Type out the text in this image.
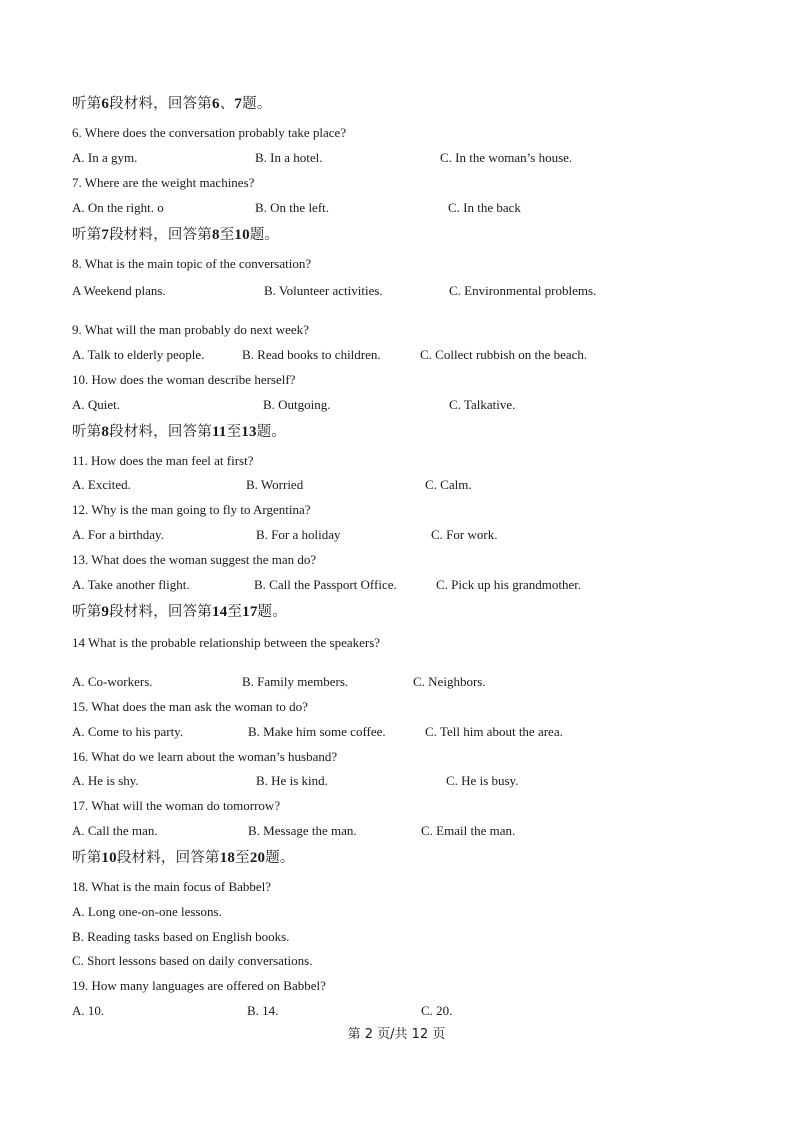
听第6段材料，回答第6、7题。
6. Where does the conversation probably take place?
A. In a gym.	B. In a hotel.	C. In the woman’s house.
7. Where are the weight machines?
A. On the right. o	B. On the left.	C. In the back
听第7段材料，回答第8至10题。
8. What is the main topic of the conversation?
A Weekend plans.	B. Volunteer activities.	C. Environmental problems.
9. What will the man probably do next week?
A. Talk to elderly people.	B. Read books to children.	C. Collect rubbish on the beach.
10. How does the woman describe herself?
A. Quiet.	B. Outgoing.	C. Talkative.
听第8段材料，回答第11至13题。
11. How does the man feel at first?
A. Excited.	B. Worried	C. Calm.
12. Why is the man going to fly to Argentina?
A. For a birthday.	B. For a holiday	C. For work.
13. What does the woman suggest the man do?
A. Take another flight.	B. Call the Passport Office.	C. Pick up his grandmother.
听第9段材料，回答第14至17题。
14 What is the probable relationship between the speakers?
A. Co-workers.	B. Family members.	C. Neighbors.
15. What does the man ask the woman to do?
A. Come to his party.	B. Make him some coffee.	C. Tell him about the area.
16. What do we learn about the woman’s husband?
A. He is shy.	B. He is kind.	C. He is busy.
17. What will the woman do tomorrow?
A. Call the man.	B. Message the man.	C. Email the man.
听第10段材料，回答第18至20题。
18. What is the main focus of Babbel?
A. Long one-on-one lessons.
B. Reading tasks based on English books.
C. Short lessons based on daily conversations.
19. How many languages are offered on Babbel?
A. 10.	B. 14.	C. 20.
第 2 页/共 12 页
